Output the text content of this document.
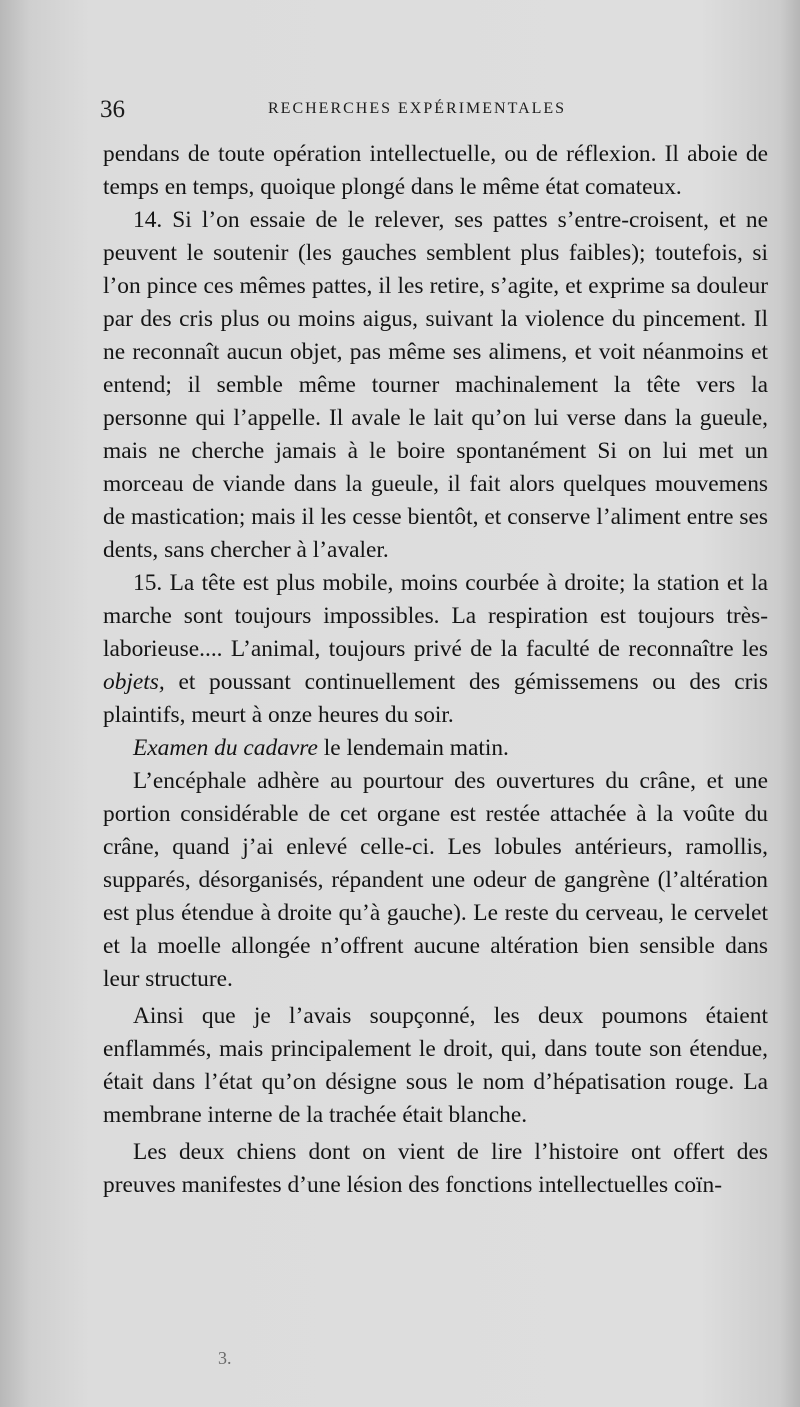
36	RECHERCHES EXPÉRIMENTALES

pendans de toute opération intellectuelle, ou de réflexion. Il aboie de temps en temps, quoique plongé dans le même état comateux.

14. Si l’on essaie de le relever, ses pattes s’entre-croisent, et ne peuvent le soutenir (les gauches semblent plus faibles); toutefois, si l’on pince ces mêmes pattes, il les retire, s’agite, et exprime sa douleur par des cris plus ou moins aigus, suivant la violence du pincement. Il ne reconnaît aucun objet, pas même ses alimens, et voit néanmoins et entend; il semble même tourner machinalement la tête vers la personne qui l’appelle. Il avale le lait qu’on lui verse dans la gueule, mais ne cherche jamais à le boire spontanément Si on lui met un morceau de viande dans la gueule, il fait alors quelques mouvemens de mastication; mais il les cesse bientôt, et conserve l’aliment entre ses dents, sans chercher à l’avaler.

15. La tête est plus mobile, moins courbée à droite; la station et la marche sont toujours impossibles. La respiration est toujours très-laborieuse.... L’animal, toujours privé de la faculté de reconnaître les objets, et poussant continuellement des gémissemens ou des cris plaintifs, meurt à onze heures du soir.

Examen du cadavre le lendemain matin.

L’encéphale adhère au pourtour des ouvertures du crâne, et une portion considérable de cet organe est restée attachée à la voûte du crâne, quand j’ai enlevé celle-ci. Les lobules antérieurs, ramollis, supparés, désorganisés, répandent une odeur de gangrène (l’altération est plus étendue à droite qu’à gauche). Le reste du cerveau, le cervelet et la moelle allongée n’offrent aucune altération bien sensible dans leur structure.

Ainsi que je l’avais soupçonné, les deux poumons étaient enflammés, mais principalement le droit, qui, dans toute son étendue, était dans l’état qu’on désigne sous le nom d’hépatisation rouge. La membrane interne de la trachée était blanche.

Les deux chiens dont on vient de lire l’histoire ont offert des preuves manifestes d’une lésion des fonctions intellectuelles coïn-

3.
